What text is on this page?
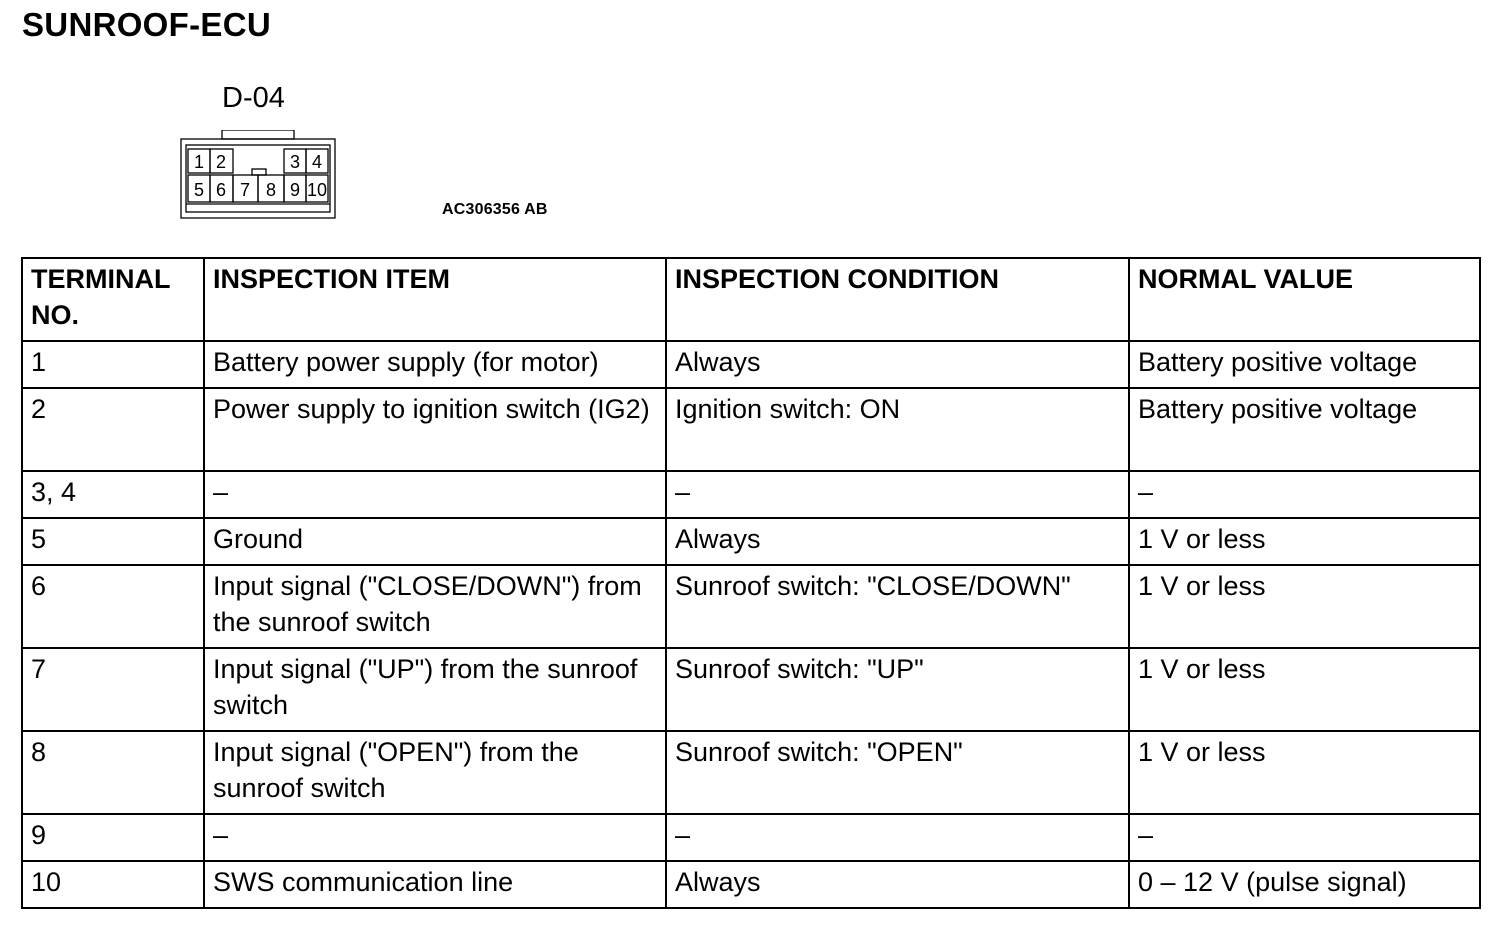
SUNROOF-ECU
D-04
1 2	3 4
5 6 7 8 9 10
AC306356 AB
TERMINAL NO.	INSPECTION ITEM	INSPECTION CONDITION	NORMAL VALUE
1	Battery power supply (for motor)	Always	Battery positive voltage
2	Power supply to ignition switch (IG2)	Ignition switch: ON	Battery positive voltage
3, 4	–	–	–
5	Ground	Always	1 V or less
6	Input signal ("CLOSE/DOWN") from the sunroof switch	Sunroof switch: "CLOSE/DOWN"	1 V or less
7	Input signal ("UP") from the sunroof switch	Sunroof switch: "UP"	1 V or less
8	Input signal ("OPEN") from the sunroof switch	Sunroof switch: "OPEN"	1 V or less
9	–	–	–
10	SWS communication line	Always	0 – 12 V (pulse signal)
